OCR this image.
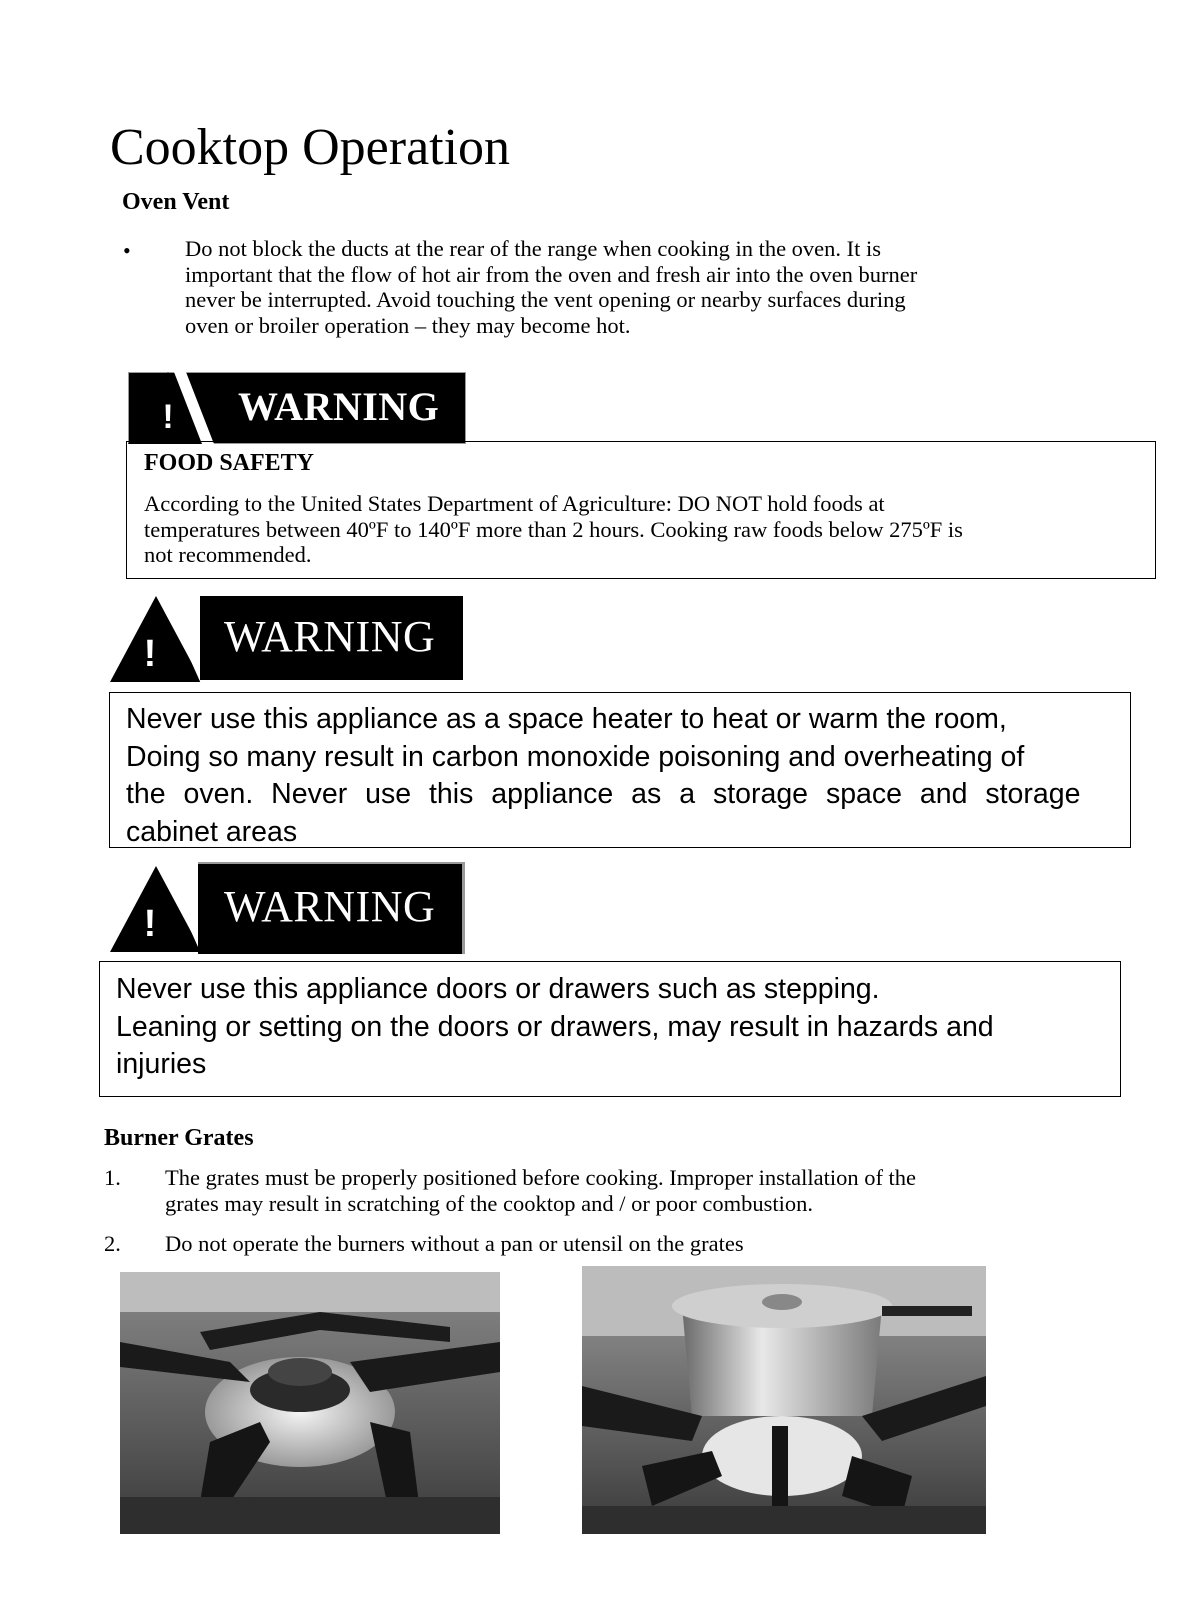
Cooktop Operation
Oven Vent
• Do not block the ducts at the rear of the range when cooking in the oven. It is
important that the flow of hot air from the oven and fresh air into the oven burner
never be interrupted. Avoid touching the vent opening or nearby surfaces during
oven or broiler operation – they may become hot.
! WARNING
FOOD SAFETY
According to the United States Department of Agriculture: DO NOT hold foods at
temperatures between 40ºF to 140ºF more than 2 hours. Cooking raw foods below 275ºF is
not recommended.
! WARNING
Never use this appliance as a space heater to heat or warm the room,
Doing so many result in carbon monoxide poisoning and overheating of
the oven. Never use this appliance as a storage space and storage
cabinet areas
! WARNING
Never use this appliance doors or drawers such as stepping.
Leaning or setting on the doors or drawers, may result in hazards and
injuries
Burner Grates
1. The grates must be properly positioned before cooking. Improper installation of the
grates may result in scratching of the cooktop and / or poor combustion.
2. Do not operate the burners without a pan or utensil on the grates
